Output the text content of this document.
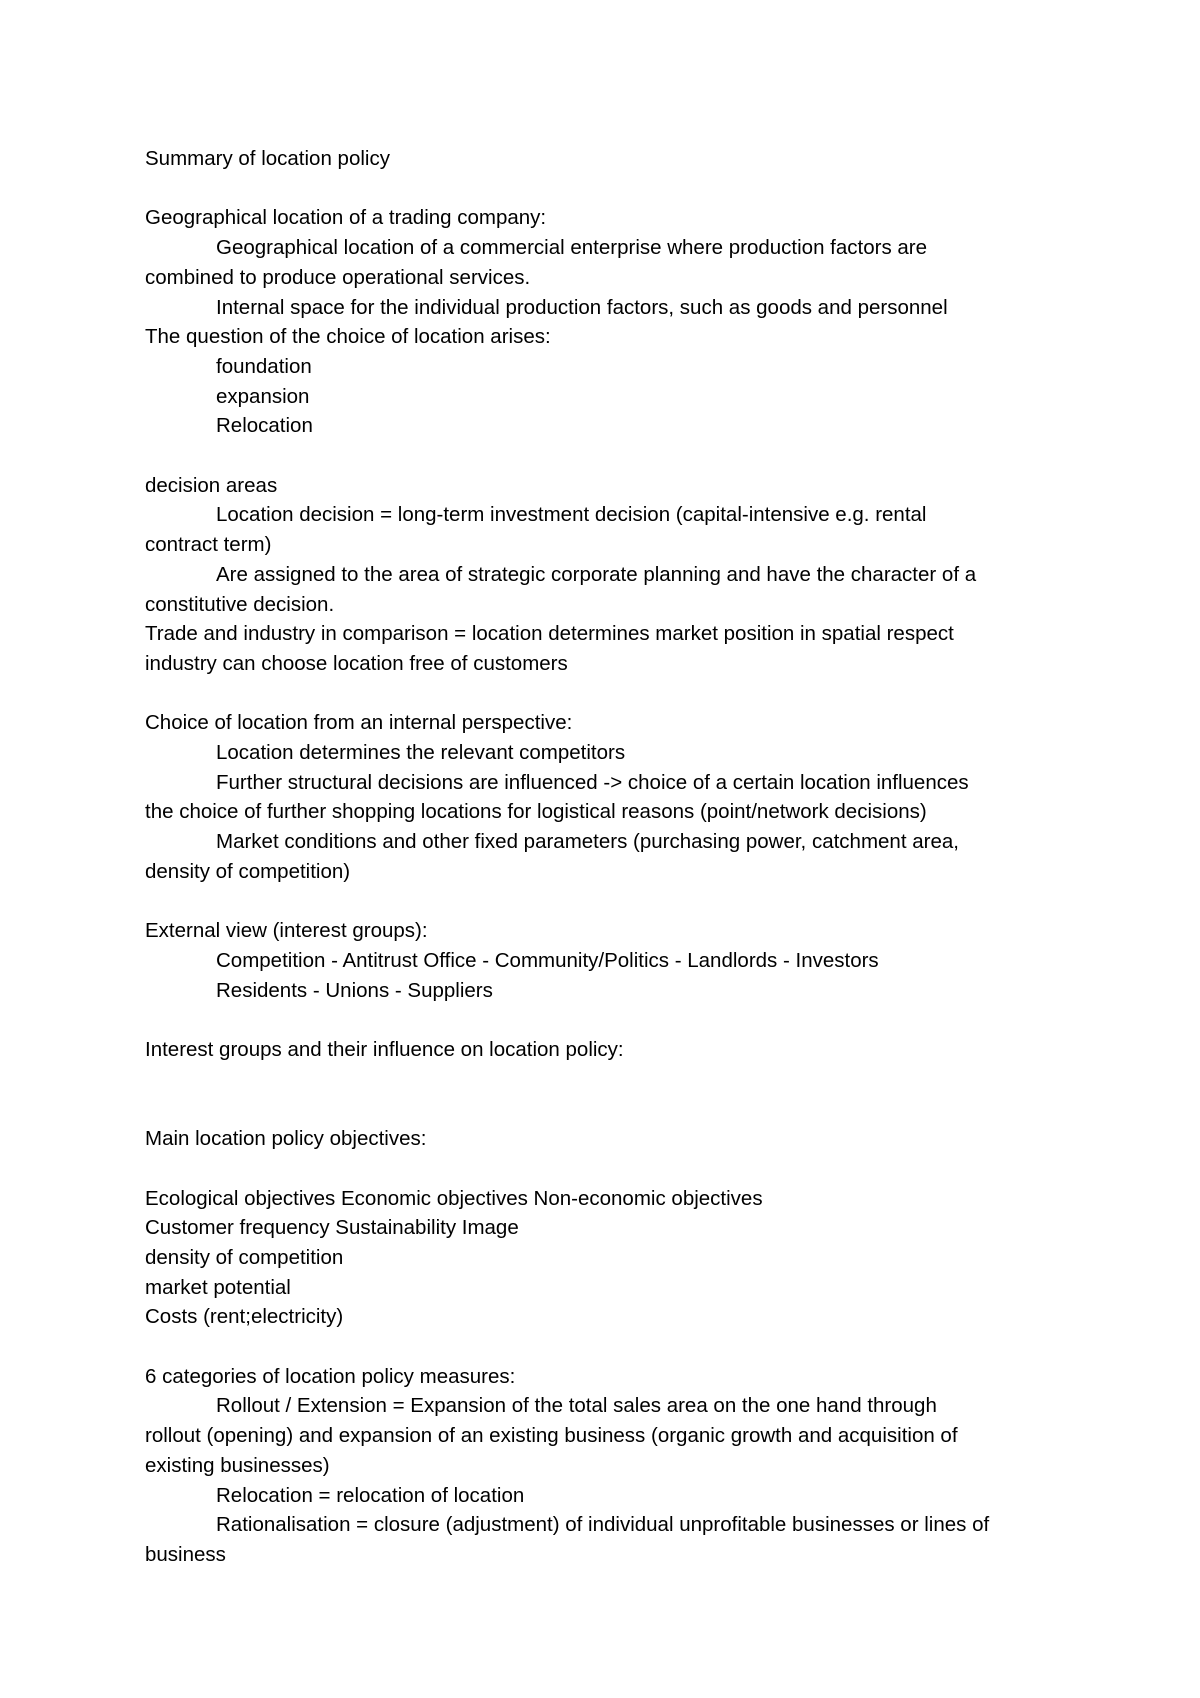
Summary of location policy
Geographical location of a trading company:
Geographical location of a commercial enterprise where production factors are
combined to produce operational services.
Internal space for the individual production factors, such as goods and personnel
The question of the choice of location arises:
foundation
expansion
Relocation
decision areas
Location decision = long-term investment decision (capital-intensive e.g. rental
contract term)
Are assigned to the area of strategic corporate planning and have the character of a
constitutive decision.
Trade and industry in comparison = location determines market position in spatial respect
industry can choose location free of customers
Choice of location from an internal perspective:
Location determines the relevant competitors
Further structural decisions are influenced -> choice of a certain location influences
the choice of further shopping locations for logistical reasons (point/network decisions)
Market conditions and other fixed parameters (purchasing power, catchment area,
density of competition)
External view (interest groups):
Competition - Antitrust Office - Community/Politics - Landlords - Investors
Residents - Unions - Suppliers
Interest groups and their influence on location policy:
Main location policy objectives:
Ecological objectives Economic objectives Non-economic objectives
Customer frequency Sustainability Image
density of competition
market potential
Costs (rent;electricity)
6 categories of location policy measures:
Rollout / Extension = Expansion of the total sales area on the one hand through
rollout (opening) and expansion of an existing business (organic growth and acquisition of
existing businesses)
Relocation = relocation of location
Rationalisation = closure (adjustment) of individual unprofitable businesses or lines of
business
